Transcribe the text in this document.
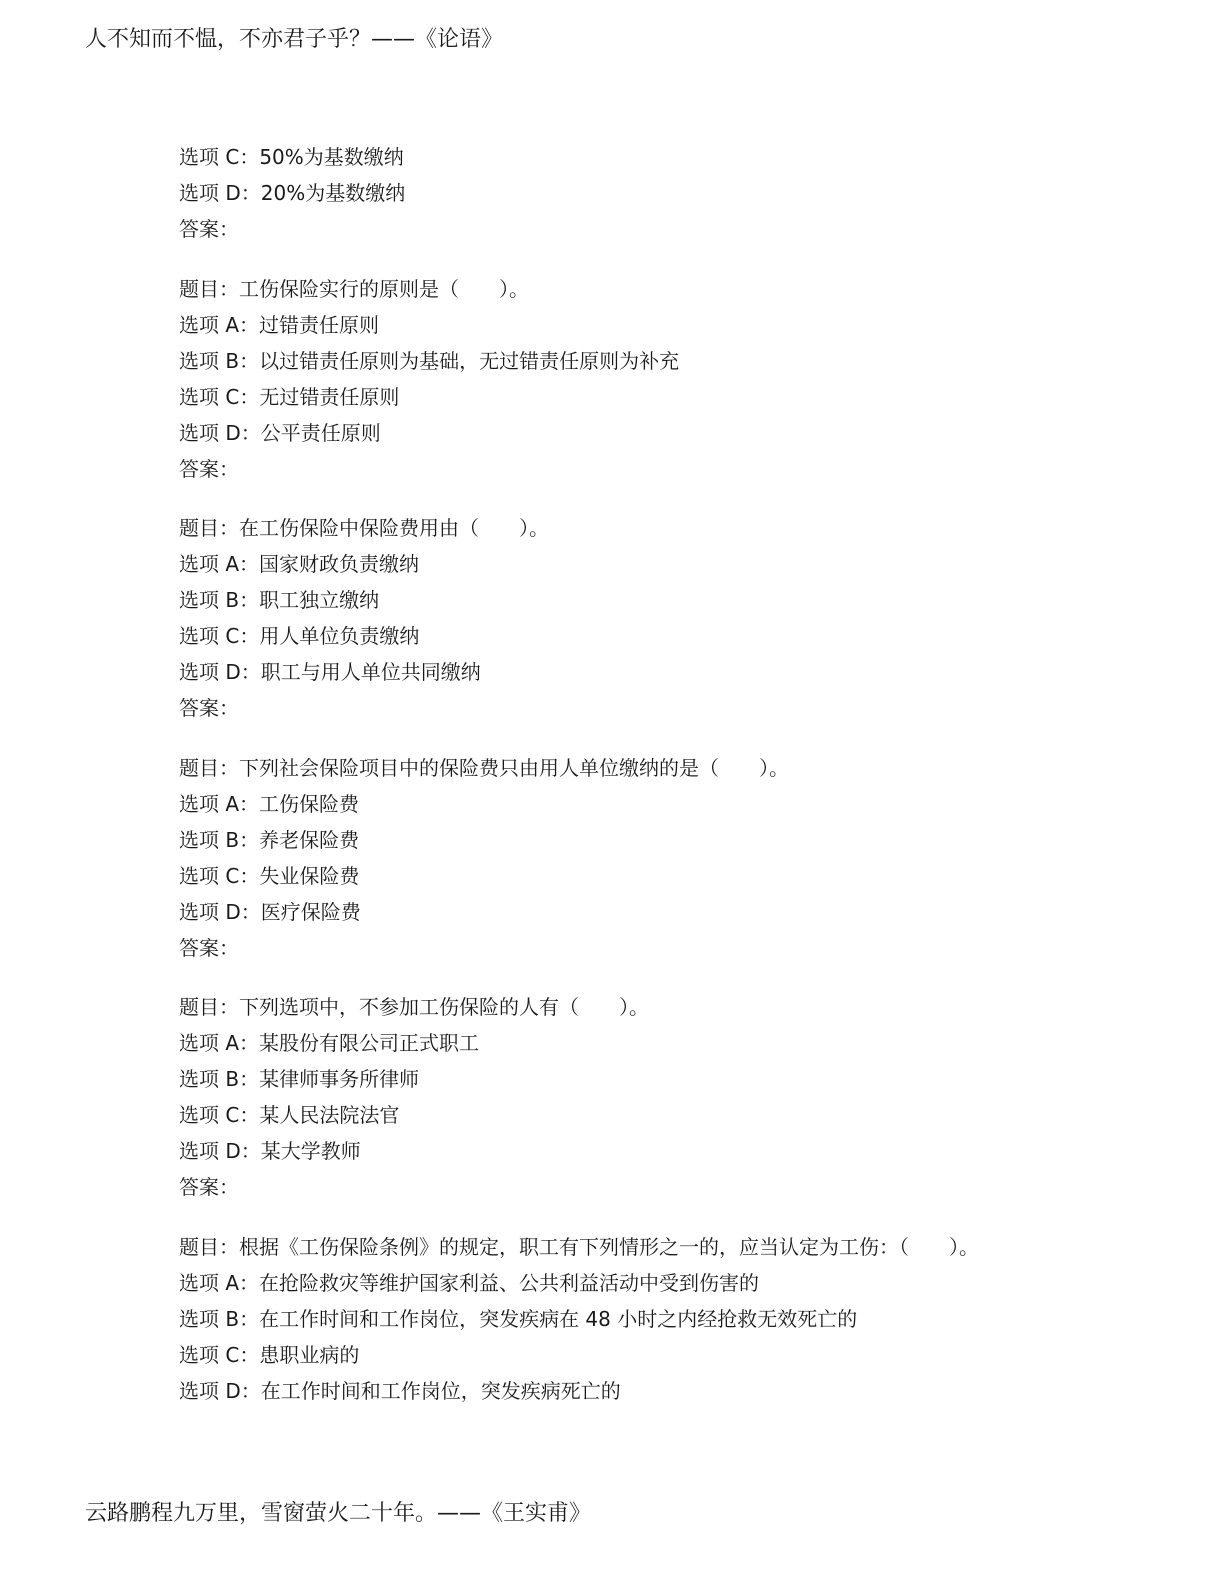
人不知而不愠，不亦君子乎？——《论语》
选项 C：50%为基数缴纳
选项 D：20%为基数缴纳
答案：
题目：工伤保险实行的原则是（　　）。
选项 A：过错责任原则
选项 B：以过错责任原则为基础，无过错责任原则为补充
选项 C：无过错责任原则
选项 D：公平责任原则
答案：
题目：在工伤保险中保险费用由（　　）。
选项 A：国家财政负责缴纳
选项 B：职工独立缴纳
选项 C：用人单位负责缴纳
选项 D：职工与用人单位共同缴纳
答案：
题目：下列社会保险项目中的保险费只由用人单位缴纳的是（　　）。
选项 A：工伤保险费
选项 B：养老保险费
选项 C：失业保险费
选项 D：医疗保险费
答案：
题目：下列选项中，不参加工伤保险的人有（　　）。
选项 A：某股份有限公司正式职工
选项 B：某律师事务所律师
选项 C：某人民法院法官
选项 D：某大学教师
答案：
题目：根据《工伤保险条例》的规定，职工有下列情形之一的，应当认定为工伤：（　　）。
选项 A：在抢险救灾等维护国家利益、公共利益活动中受到伤害的
选项 B：在工作时间和工作岗位，突发疾病在 48 小时之内经抢救无效死亡的
选项 C：患职业病的
选项 D：在工作时间和工作岗位，突发疾病死亡的
云路鹏程九万里，雪窗萤火二十年。——《王实甫》
